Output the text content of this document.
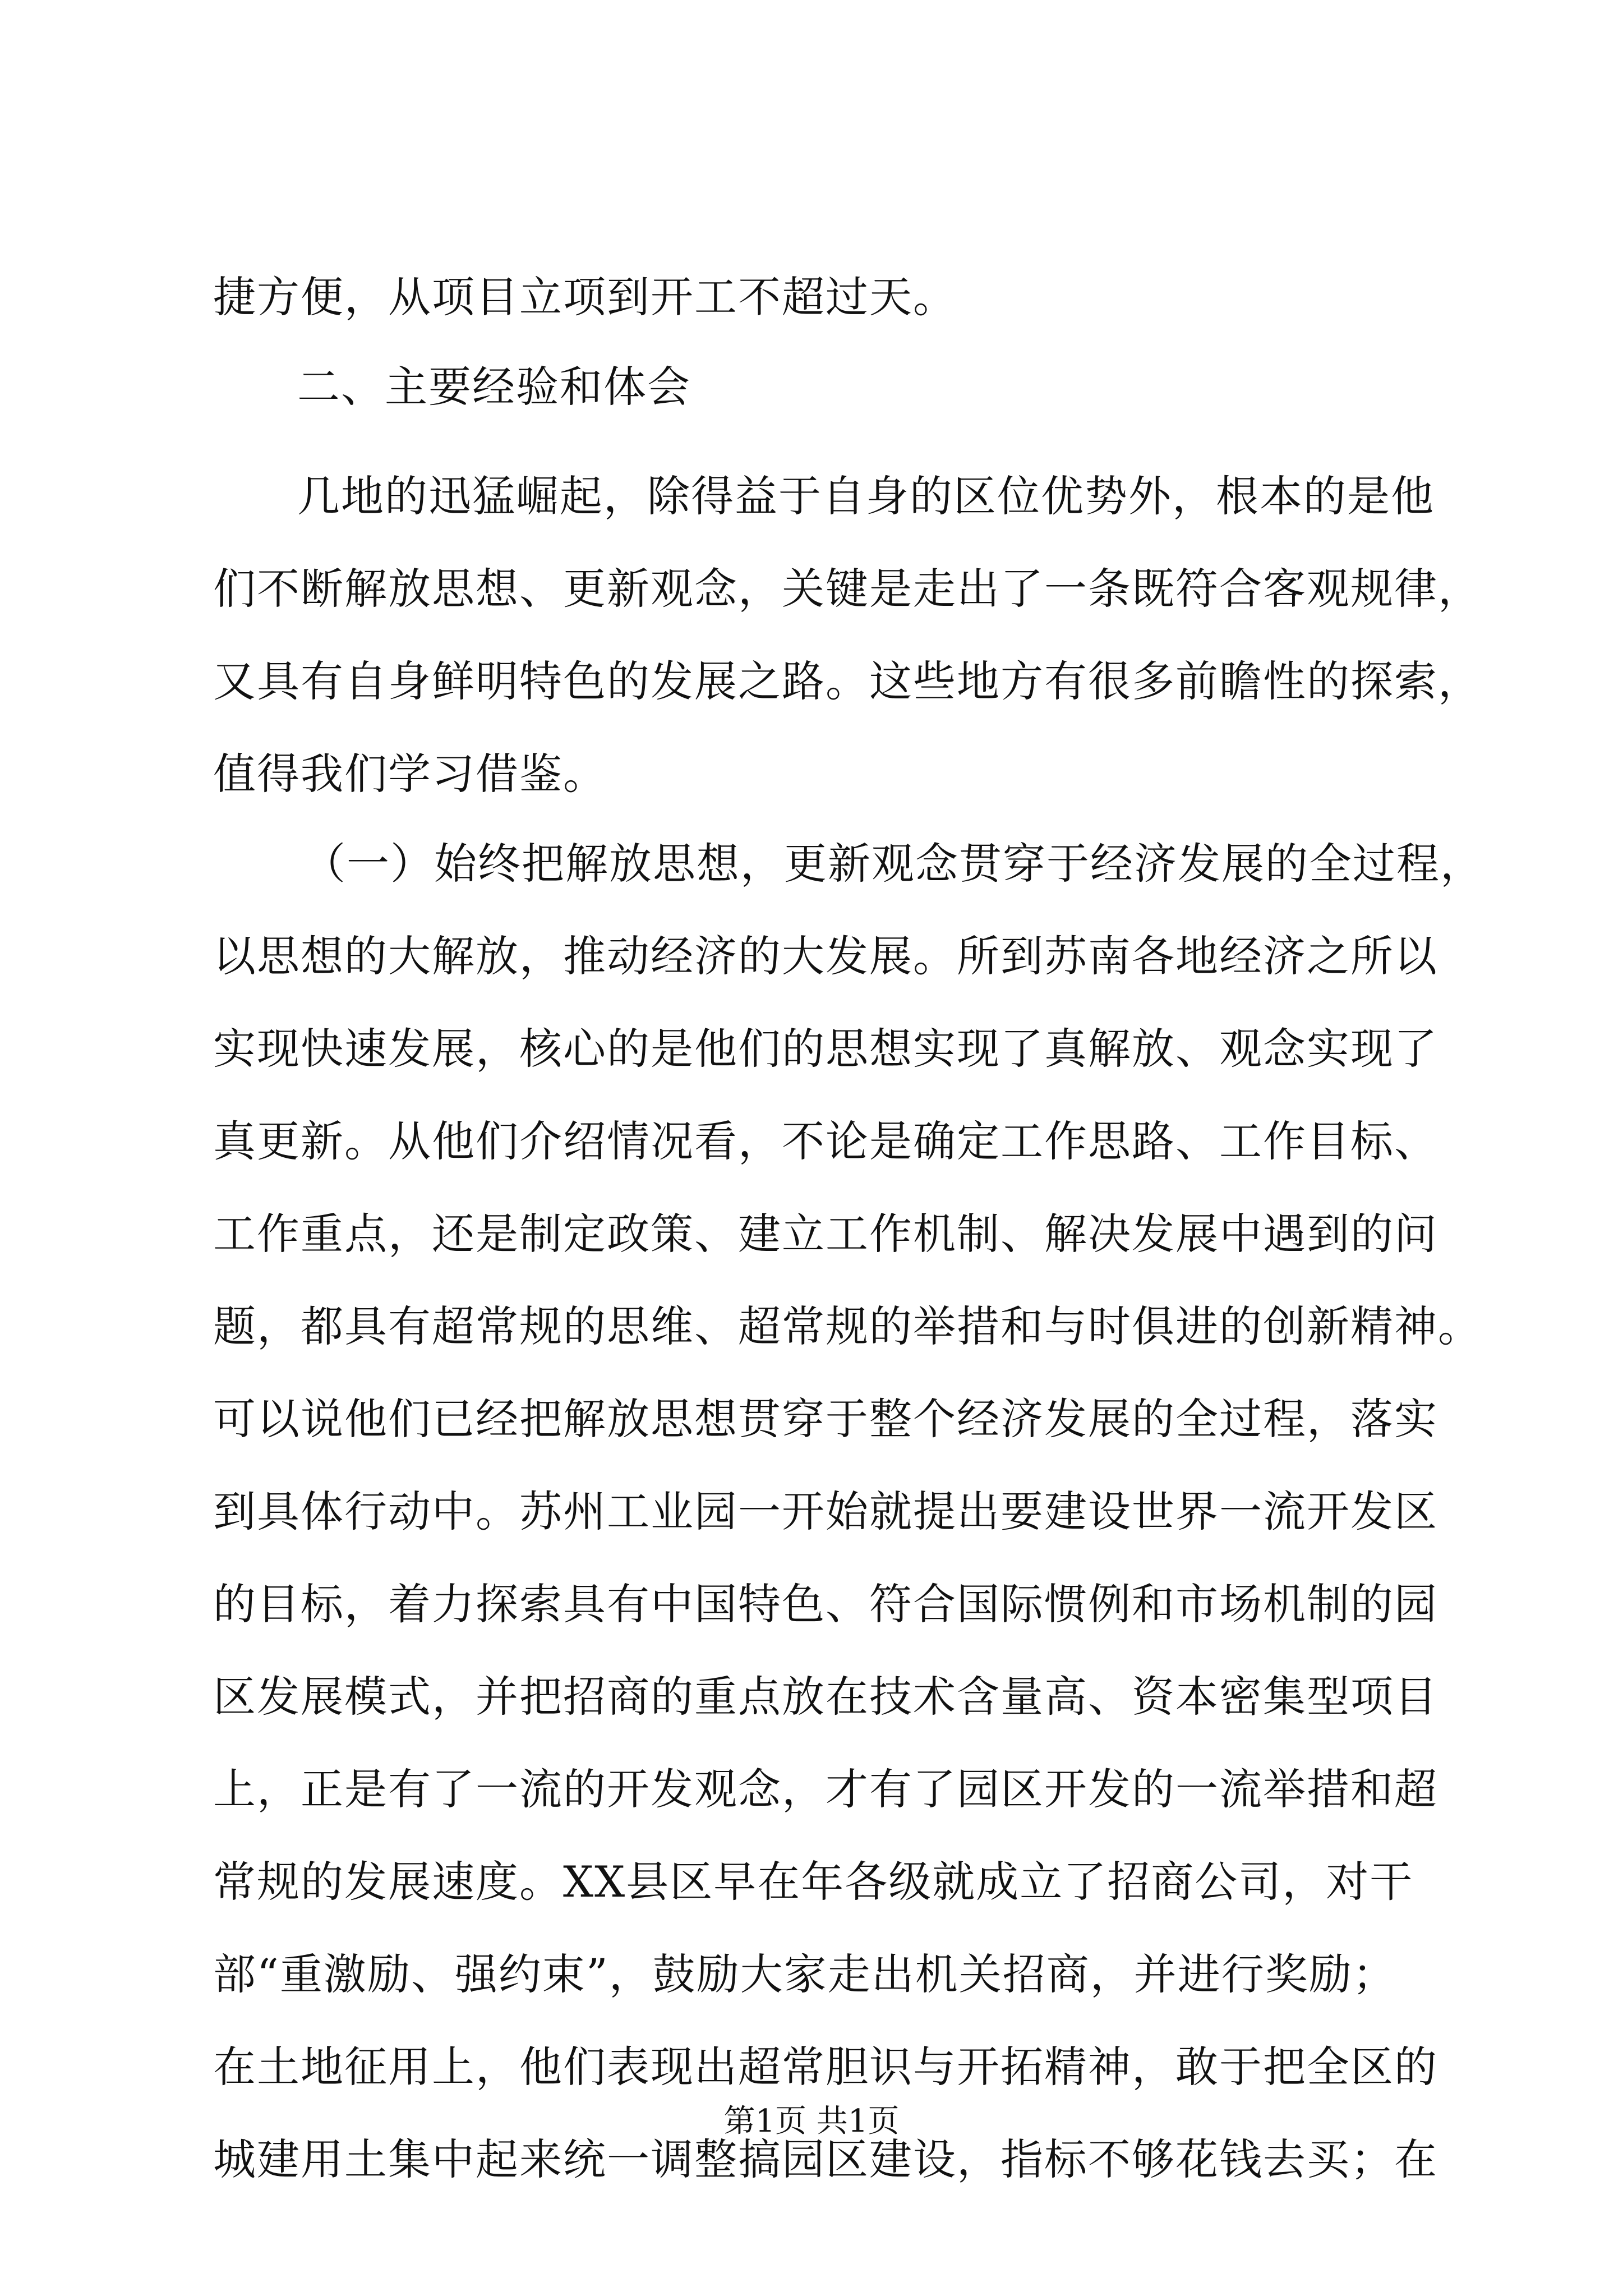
捷方便，从项目立项到开工不超过天。
二、主要经验和体会
几地的迅猛崛起，除得益于自身的区位优势外，根本的是他
们不断解放思想、更新观念，关键是走出了一条既符合客观规律，
又具有自身鲜明特色的发展之路。这些地方有很多前瞻性的探索，
值得我们学习借鉴。
（一）始终把解放思想，更新观念贯穿于经济发展的全过程，
以思想的大解放，推动经济的大发展。所到苏南各地经济之所以
实现快速发展，核心的是他们的思想实现了真解放、观念实现了
真更新。从他们介绍情况看，不论是确定工作思路、工作目标、
工作重点，还是制定政策、建立工作机制、解决发展中遇到的问
题，都具有超常规的思维、超常规的举措和与时俱进的创新精神。
可以说他们已经把解放思想贯穿于整个经济发展的全过程，落实
到具体行动中。苏州工业园一开始就提出要建设世界一流开发区
的目标，着力探索具有中国特色、符合国际惯例和市场机制的园
区发展模式，并把招商的重点放在技术含量高、资本密集型项目
上，正是有了一流的开发观念，才有了园区开发的一流举措和超
常规的发展速度。XX县区早在年各级就成立了招商公司，对干
部“重激励、强约束”，鼓励大家走出机关招商，并进行奖励；
在土地征用上，他们表现出超常胆识与开拓精神，敢于把全区的
城建用土集中起来统一调整搞园区建设，指标不够花钱去买；在
第1页 共1页
